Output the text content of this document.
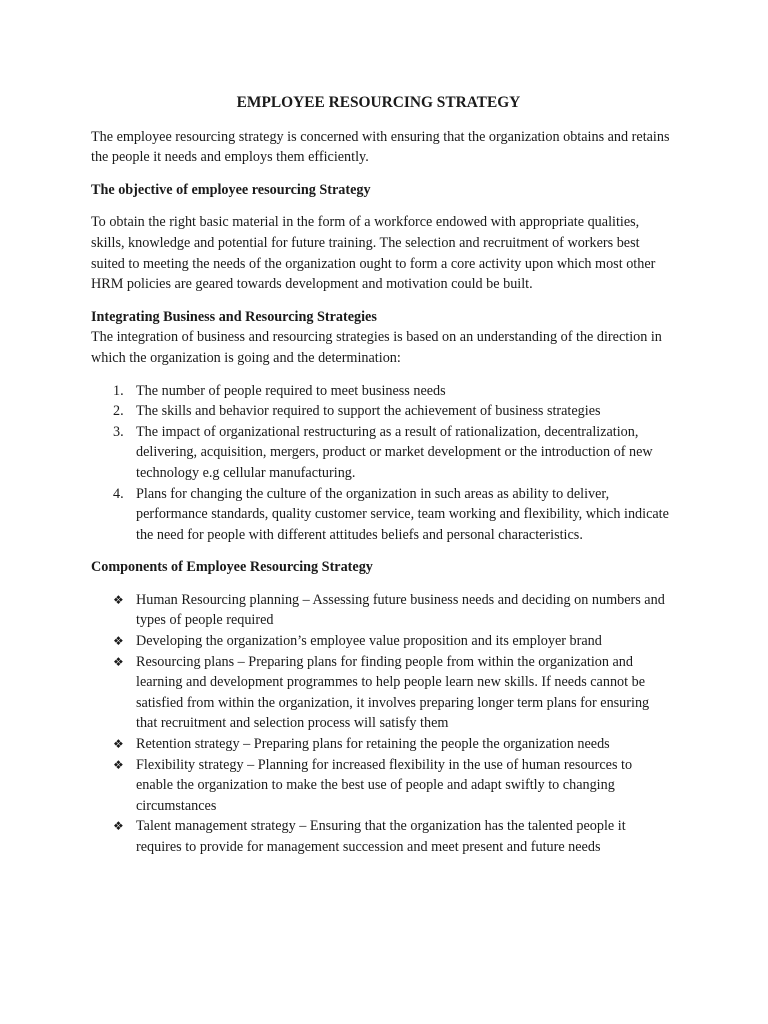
EMPLOYEE RESOURCING STRATEGY

The employee resourcing strategy is concerned with ensuring that the organization obtains and retains the people it needs and employs them efficiently.

The objective of employee resourcing Strategy

To obtain the right basic material in the form of a workforce endowed with appropriate qualities, skills, knowledge and potential for future training. The selection and recruitment of workers best suited to meeting the needs of the organization ought to form a core activity upon which most other HRM policies are geared towards development and motivation could be built.

Integrating Business and Resourcing Strategies

The integration of business and resourcing strategies is based on an understanding of the direction in which the organization is going and the determination:

1. The number of people required to meet business needs
2. The skills and behavior required to support the achievement of business strategies
3. The impact of organizational restructuring as a result of rationalization, decentralization, delivering, acquisition, mergers, product or market development or the introduction of new technology e.g cellular manufacturing.
4. Plans for changing the culture of the organization in such areas as ability to deliver, performance standards, quality customer service, team working and flexibility, which indicate the need for people with different attitudes beliefs and personal characteristics.

Components of Employee Resourcing Strategy

❖ Human Resourcing planning – Assessing future business needs and deciding on numbers and types of people required
❖ Developing the organization’s employee value proposition and its employer brand
❖ Resourcing plans – Preparing plans for finding people from within the organization and learning and development programmes to help people learn new skills. If needs cannot be satisfied from within the organization, it involves preparing longer term plans for ensuring that recruitment and selection process will satisfy them
❖ Retention strategy – Preparing plans for retaining the people the organization needs
❖ Flexibility strategy – Planning for increased flexibility in the use of human resources to enable the organization to make the best use of people and adapt swiftly to changing circumstances
❖ Talent management strategy – Ensuring that the organization has the talented people it requires to provide for management succession and meet present and future needs
